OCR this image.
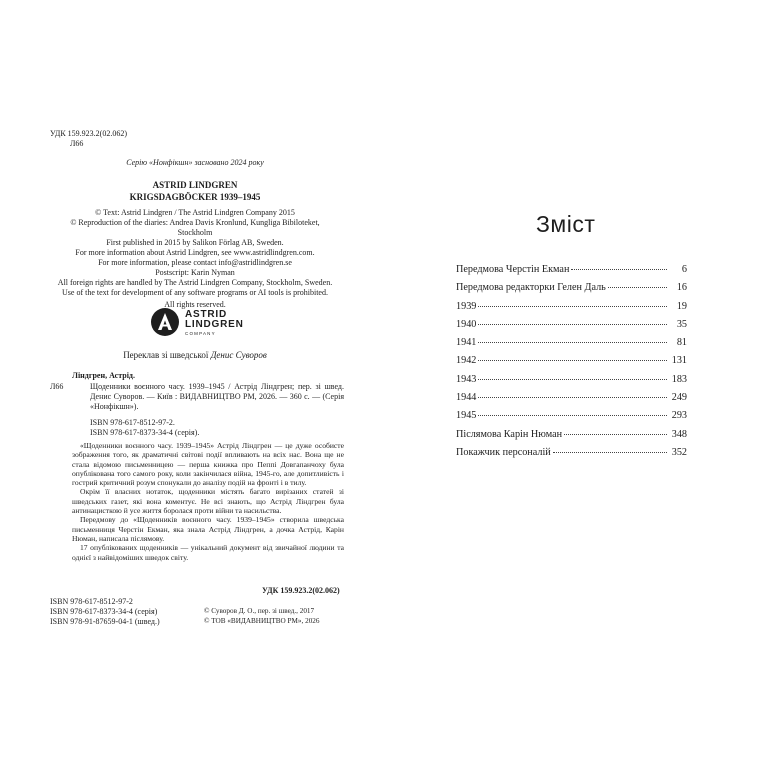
УДК 159.923.2(02.062)
Л66
Серію «Нонфікшн» засновано 2024 року
ASTRID LINDGREN
KRIGSDAGBÖCKER 1939–1945
© Text: Astrid Lindgren / The Astrid Lindgren Company 2015
© Reproduction of the diaries: Andrea Davis Kronlund, Kungliga Bibiloteket,
Stockholm
First published in 2015 by Salikon Förlag AB, Sweden.
For more information about Astrid Lindgren, see www.astridlindgren.com.
For more information, please contact info@astridlindgren.se
Postscript: Karin Nyman
All foreign rights are handled by The Astrid Lindgren Company, Stockholm, Sweden.
Use of the text for development of any software programs or AI tools is prohibited.
All rights reserved.
ASTRID
LINDGREN
COMPANY
Переклав зі шведської Денис Суворов
Ліндгрен, Астрід.
Л66	Щоденники воєнного часу. 1939–1945 / Астрід Ліндгрен; пер. зі швед. Денис Суворов. — Київ : ВИДАВНИЦТВО РМ, 2026. — 360 с. — (Серія «Нонфікшн»).
ISBN 978-617-8512-97-2.
ISBN 978-617-8373-34-4 (серія).

«Щоденники воєнного часу. 1939–1945» Астрід Ліндгрен — це дуже особисте зображення того, як драматичні світові події впливають на всіх нас. Вона ще не стала відомою письменницею — перша книжка про Пеппі Довгапанчоху була опублікована того самого року, коли закінчилася війна, 1945-го, але допитливість і гострий критичний розум спонукали до аналізу подій на фронті і в тилу.

Окрім її власних нотаток, щоденники містять багато вирізаних статей зі шведських газет, які вона коментує. Не всі знають, що Астрід Ліндгрен була антинацисткою й усе життя боролася проти війни та насильства.

Передмову до «Щоденників воєнного часу. 1939–1945» створила шведська письменниця Черстін Екман, яка знала Астрід Ліндгрен, а дочка Астрід, Карін Нюман, написала післямову.

17 опублікованих щоденників — унікальний документ від звичайної людини та однієї з найвідоміших шведок світу.

УДК 159.923.2(02.062)
ISBN 978-617-8512-97-2
ISBN 978-617-8373-34-4 (серія)
ISBN 978-91-87659-04-1 (швед.)
© Суворов Д. О., пер. зі швед., 2017
© ТОВ «ВИДАВНИЦТВО РМ», 2026
Зміст
Передмова Черстін Екман	6
Передмова редакторки Гелен Даль	16
1939	19
1940	35
1941	81
1942	131
1943	183
1944	249
1945	293
Післямова Карін Нюман	348
Покажчик персоналій	352
